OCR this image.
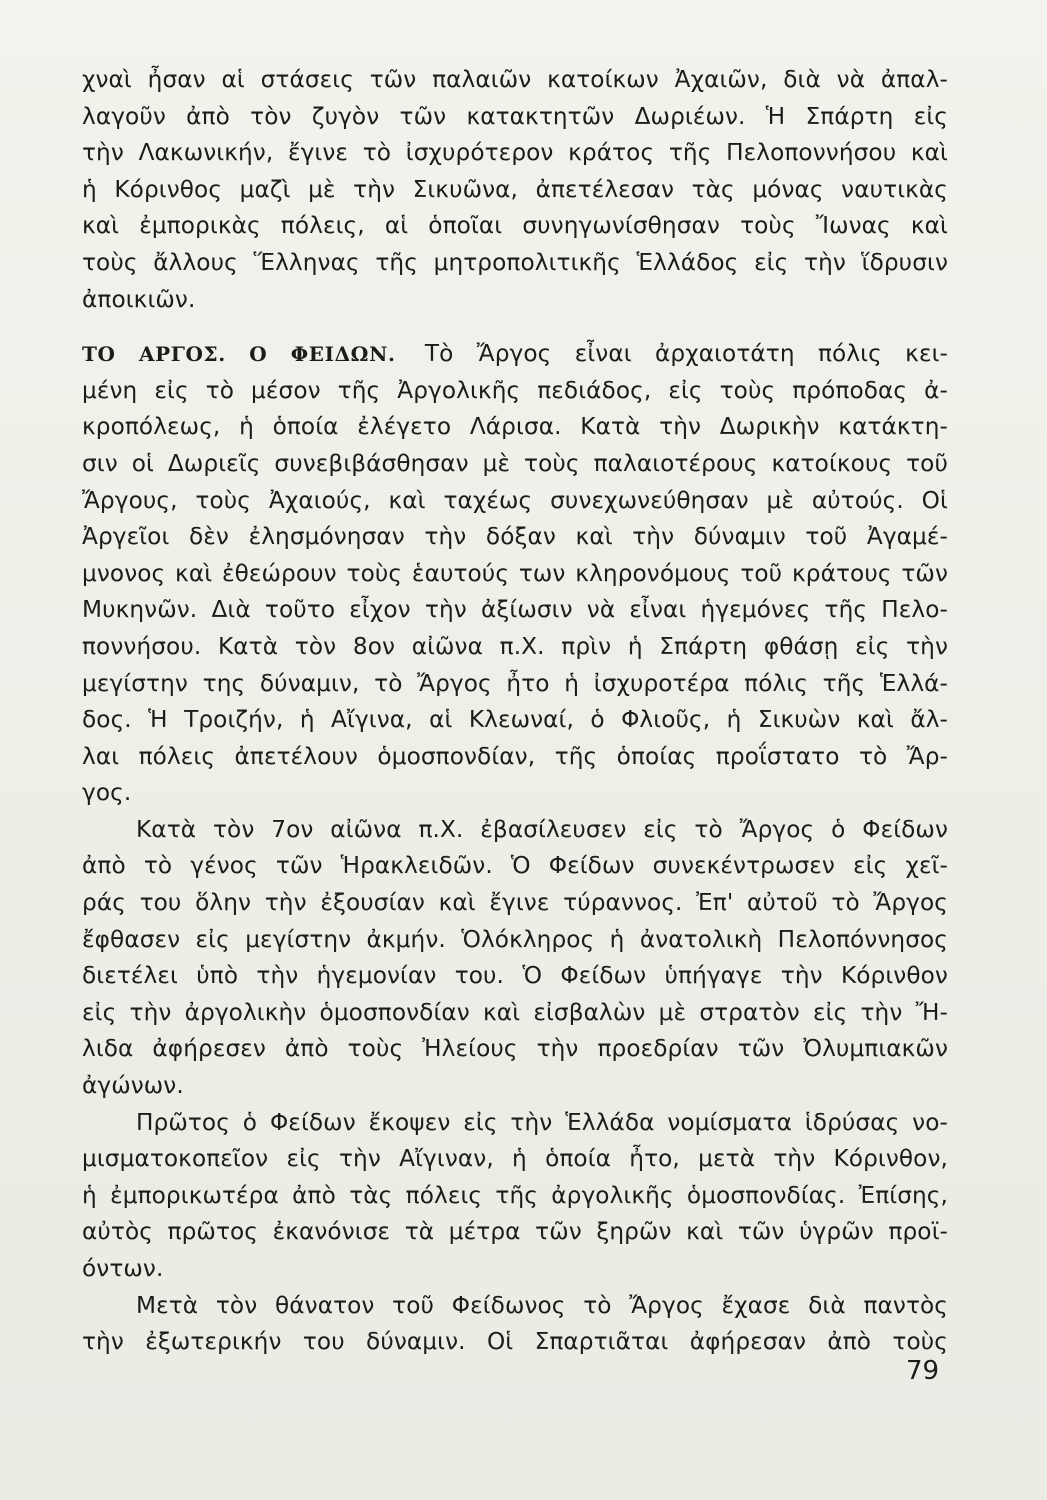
χναὶ ἦσαν αἱ στάσεις τῶν παλαιῶν κατοίκων Ἀχαιῶν, διὰ νὰ ἀπαλ-
λαγοῦν ἀπὸ τὸν ζυγὸν τῶν κατακτητῶν Δωριέων. Ἡ Σπάρτη εἰς
τὴν Λακωνικήν, ἔγινε τὸ ἰσχυρότερον κράτος τῆς Πελοποννήσου καὶ
ἡ Κόρινθος μαζὶ μὲ τὴν Σικυῶνα, ἀπετέλεσαν τὰς μόνας ναυτικὰς
καὶ ἐμπορικὰς πόλεις, αἱ ὁποῖαι συνηγωνίσθησαν τοὺς Ἴωνας καὶ
τοὺς ἄλλους Ἕλληνας τῆς μητροπολιτικῆς Ἑλλάδος εἰς τὴν ἵδρυσιν
ἀποικιῶν.
ΤΟ ΑΡΓΟΣ. Ο ΦΕΙΔΩΝ. Τὸ Ἄργος εἶναι ἀρχαιοτάτη πόλις κει-
μένη εἰς τὸ μέσον τῆς Ἀργολικῆς πεδιάδος, εἰς τοὺς πρόποδας ἀ-
κροπόλεως, ἡ ὁποία ἐλέγετο Λάρισα. Κατὰ τὴν Δωρικὴν κατάκτη-
σιν οἱ Δωριεῖς συνεβιβάσθησαν μὲ τοὺς παλαιοτέρους κατοίκους τοῦ
Ἄργους, τοὺς Ἀχαιούς, καὶ ταχέως συνεχωνεύθησαν μὲ αὐτούς. Οἱ
Ἀργεῖοι δὲν ἐλησμόνησαν τὴν δόξαν καὶ τὴν δύναμιν τοῦ Ἀγαμέ-
μνονος καὶ ἐθεώρουν τοὺς ἑαυτούς των κληρονόμους τοῦ κράτους τῶν
Μυκηνῶν. Διὰ τοῦτο εἶχον τὴν ἀξίωσιν νὰ εἶναι ἡγεμόνες τῆς Πελο-
ποννήσου. Κατὰ τὸν 8ον αἰῶνα π.Χ. πρὶν ἡ Σπάρτη φθάσῃ εἰς τὴν
μεγίστην της δύναμιν, τὸ Ἄργος ἦτο ἡ ἰσχυροτέρα πόλις τῆς Ἑλλά-
δος. Ἡ Τροιζήν, ἡ Αἴγινα, αἱ Κλεωναί, ὁ Φλιοῦς, ἡ Σικυὼν καὶ ἄλ-
λαι πόλεις ἀπετέλουν ὁμοσπονδίαν, τῆς ὁποίας προΐστατο τὸ Ἄρ-
γος.
Κατὰ τὸν 7ον αἰῶνα π.Χ. ἐβασίλευσεν εἰς τὸ Ἄργος ὁ Φείδων
ἀπὸ τὸ γένος τῶν Ἡρακλειδῶν. Ὁ Φείδων συνεκέντρωσεν εἰς χεῖ-
ράς του ὅλην τὴν ἐξουσίαν καὶ ἔγινε τύραννος. Ἐπ' αὐτοῦ τὸ Ἄργος
ἔφθασεν εἰς μεγίστην ἀκμήν. Ὁλόκληρος ἡ ἀνατολικὴ Πελοπόννησος
διετέλει ὑπὸ τὴν ἡγεμονίαν του. Ὁ Φείδων ὑπήγαγε τὴν Κόρινθον
εἰς τὴν ἀργολικὴν ὁμοσπονδίαν καὶ εἰσβαλὼν μὲ στρατὸν εἰς τὴν Ἤ-
λιδα ἀφήρεσεν ἀπὸ τοὺς Ἠλείους τὴν προεδρίαν τῶν Ὀλυμπιακῶν
ἀγώνων.
Πρῶτος ὁ Φείδων ἔκοψεν εἰς τὴν Ἑλλάδα νομίσματα ἱδρύσας νο-
μισματοκοπεῖον εἰς τὴν Αἴγιναν, ἡ ὁποία ἦτο, μετὰ τὴν Κόρινθον,
ἡ ἐμπορικωτέρα ἀπὸ τὰς πόλεις τῆς ἀργολικῆς ὁμοσπονδίας. Ἐπίσης,
αὐτὸς πρῶτος ἐκανόνισε τὰ μέτρα τῶν ξηρῶν καὶ τῶν ὑγρῶν προϊ-
όντων.
Μετὰ τὸν θάνατον τοῦ Φείδωνος τὸ Ἄργος ἔχασε διὰ παντὸς
τὴν ἐξωτερικήν του δύναμιν. Οἱ Σπαρτιᾶται ἀφήρεσαν ἀπὸ τοὺς
79
